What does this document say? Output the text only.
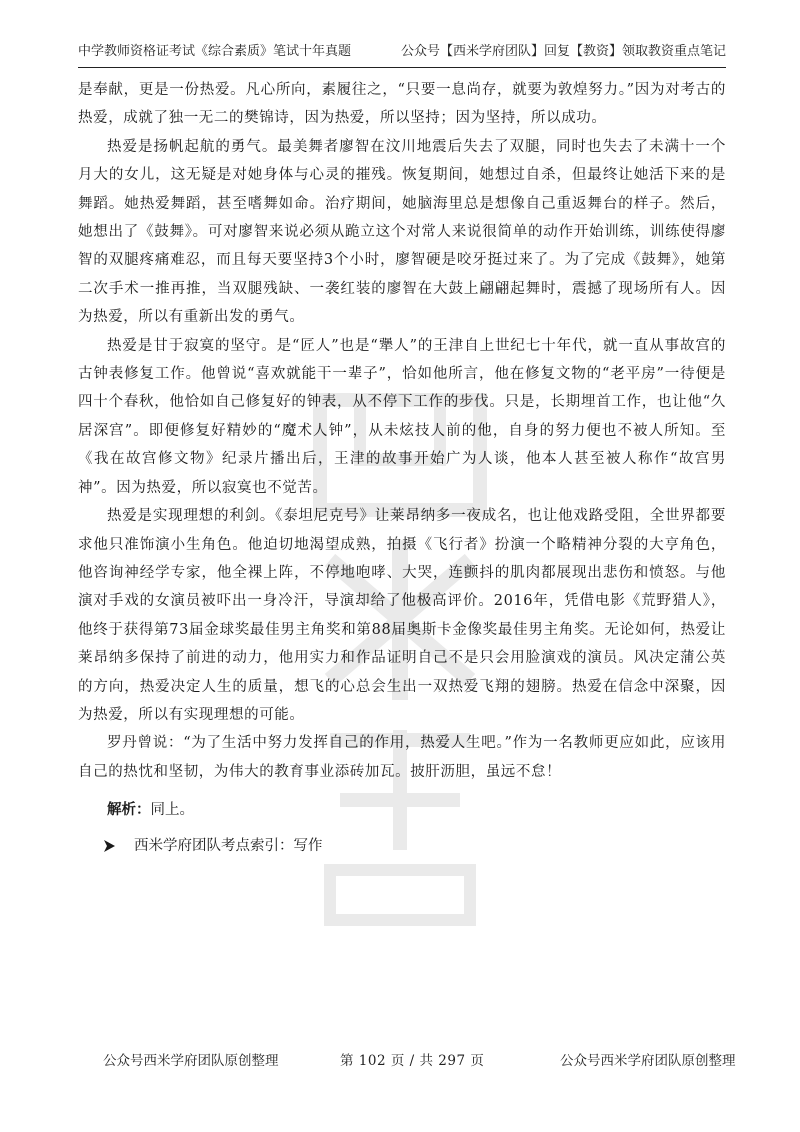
中学教师资格证考试《综合素质》笔试十年真题	公众号【西米学府团队】回复【教资】领取教资重点笔记

是奉献，更是一份热爱。凡心所向，素履往之，“只要一息尚存，就要为敦煌努力。”因为对考古的热爱，成就了独一无二的樊锦诗，因为热爱，所以坚持；因为坚持，所以成功。

热爱是扬帆起航的勇气。最美舞者廖智在汶川地震后失去了双腿，同时也失去了未满十一个月大的女儿，这无疑是对她身体与心灵的摧残。恢复期间，她想过自杀，但最终让她活下来的是舞蹈。她热爱舞蹈，甚至嗜舞如命。治疗期间，她脑海里总是想像自己重返舞台的样子。然后，她想出了《鼓舞》。可对廖智来说必须从跪立这个对常人来说很简单的动作开始训练，训练使得廖智的双腿疼痛难忍，而且每天要坚持3个小时，廖智硬是咬牙挺过来了。为了完成《鼓舞》，她第二次手术一推再推，当双腿残缺、一袭红装的廖智在大鼓上翩翩起舞时，震撼了现场所有人。因为热爱，所以有重新出发的勇气。

热爱是甘于寂寞的坚守。是“匠人”也是“犟人”的王津自上世纪七十年代，就一直从事故宫的古钟表修复工作。他曾说“喜欢就能干一辈子”，恰如他所言，他在修复文物的“老平房”一待便是四十个春秋，他恰如自己修复好的钟表，从不停下工作的步伐。只是，长期埋首工作，也让他“久居深宫”。即便修复好精妙的“魔术人钟”，从未炫技人前的他，自身的努力便也不被人所知。至《我在故宫修文物》纪录片播出后，王津的故事开始广为人谈，他本人甚至被人称作“故宫男神”。因为热爱，所以寂寞也不觉苦。

热爱是实现理想的利剑。《泰坦尼克号》让莱昂纳多一夜成名，也让他戏路受阻，全世界都要求他只准饰演小生角色。他迫切地渴望成熟，拍摄《飞行者》扮演一个略精神分裂的大亨角色，他咨询神经学专家，他全裸上阵，不停地咆哮、大哭，连颤抖的肌肉都展现出悲伤和愤怒。与他演对手戏的女演员被吓出一身冷汗，导演却给了他极高评价。2016年，凭借电影《荒野猎人》，他终于获得第73届金球奖最佳男主角奖和第88届奥斯卡金像奖最佳男主角奖。无论如何，热爱让莱昂纳多保持了前进的动力，他用实力和作品证明自己不是只会用脸演戏的演员。风决定蒲公英的方向，热爱决定人生的质量，想飞的心总会生出一双热爱飞翔的翅膀。热爱在信念中深聚，因为热爱，所以有实现理想的可能。

罗丹曾说：“为了生活中努力发挥自己的作用，热爱人生吧。”作为一名教师更应如此，应该用自己的热忱和坚韧，为伟大的教育事业添砖加瓦。披肝沥胆，虽远不怠！

解析：同上。
西米学府团队考点索引：写作
公众号西米学府团队原创整理	第 102 页 / 共 297 页	公众号西米学府团队原创整理
